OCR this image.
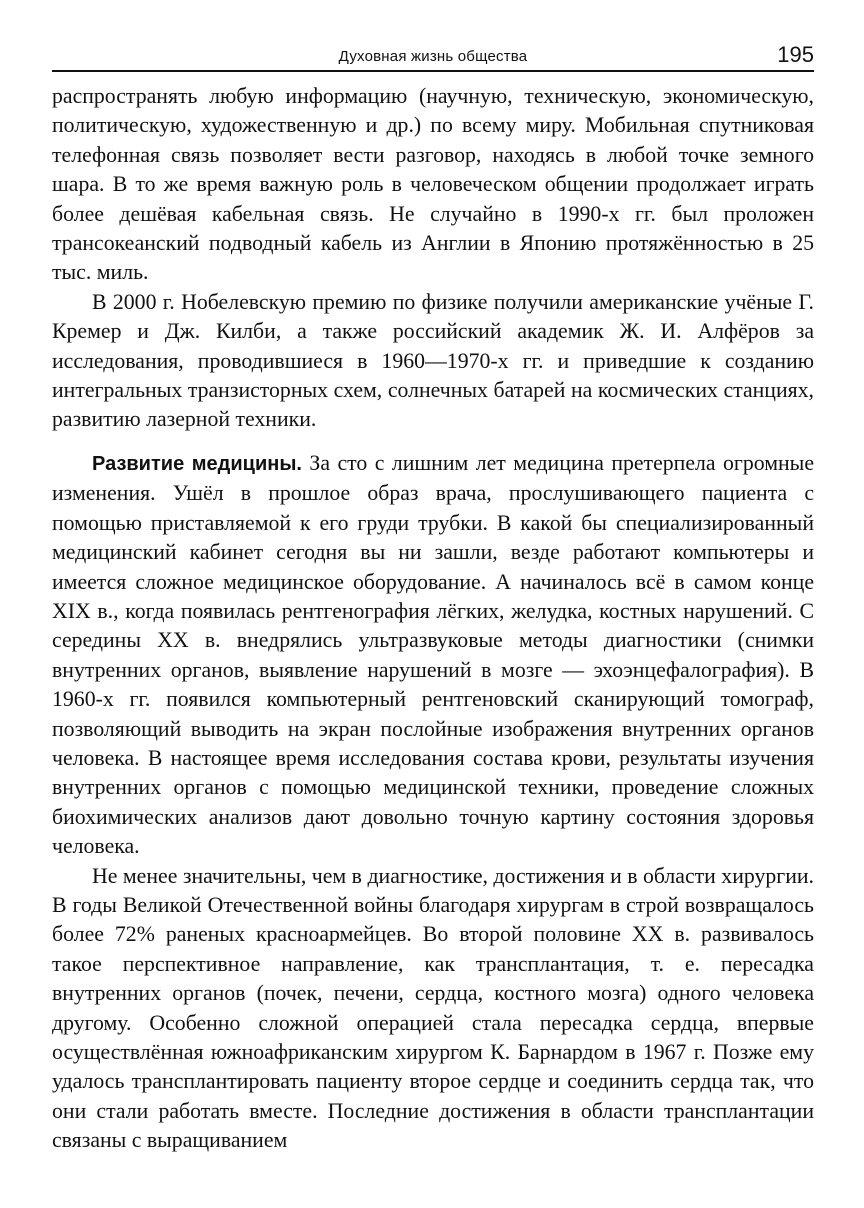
Духовная жизнь общества	195

распространять любую информацию (научную, техническую, экономическую, политическую, художественную и др.) по всему миру. Мобильная спутниковая телефонная связь позволяет вести разговор, находясь в любой точке земного шара. В то же время важную роль в человеческом общении продолжает играть более дешёвая кабельная связь. Не случайно в 1990-х гг. был проложен трансокеанский подводный кабель из Англии в Японию протяжённостью в 25 тыс. миль.

В 2000 г. Нобелевскую премию по физике получили американские учёные Г. Кремер и Дж. Килби, а также российский академик Ж. И. Алфёров за исследования, проводившиеся в 1960—1970-х гг. и приведшие к созданию интегральных транзисторных схем, солнечных батарей на космических станциях, развитию лазерной техники.

Развитие медицины. За сто с лишним лет медицина претерпела огромные изменения. Ушёл в прошлое образ врача, прослушивающего пациента с помощью приставляемой к его груди трубки. В какой бы специализированный медицинский кабинет сегодня вы ни зашли, везде работают компьютеры и имеется сложное медицинское оборудование. А начиналось всё в самом конце XIX в., когда появилась рентгенография лёгких, желудка, костных нарушений. С середины XX в. внедрялись ультразвуковые методы диагностики (снимки внутренних органов, выявление нарушений в мозге — эхоэнцефалография). В 1960-х гг. появился компьютерный рентгеновский сканирующий томограф, позволяющий выводить на экран послойные изображения внутренних органов человека. В настоящее время исследования состава крови, результаты изучения внутренних органов с помощью медицинской техники, проведение сложных биохимических анализов дают довольно точную картину состояния здоровья человека.

Не менее значительны, чем в диагностике, достижения и в области хирургии. В годы Великой Отечественной войны благодаря хирургам в строй возвращалось более 72% раненых красноармейцев. Во второй половине XX в. развивалось такое перспективное направление, как трансплантация, т. е. пересадка внутренних органов (почек, печени, сердца, костного мозга) одного человека другому. Особенно сложной операцией стала пересадка сердца, впервые осуществлённая южноафриканским хирургом К. Барнардом в 1967 г. Позже ему удалось трансплантировать пациенту второе сердце и соединить сердца так, что они стали работать вместе. Последние достижения в области трансплантации связаны с выращиванием
